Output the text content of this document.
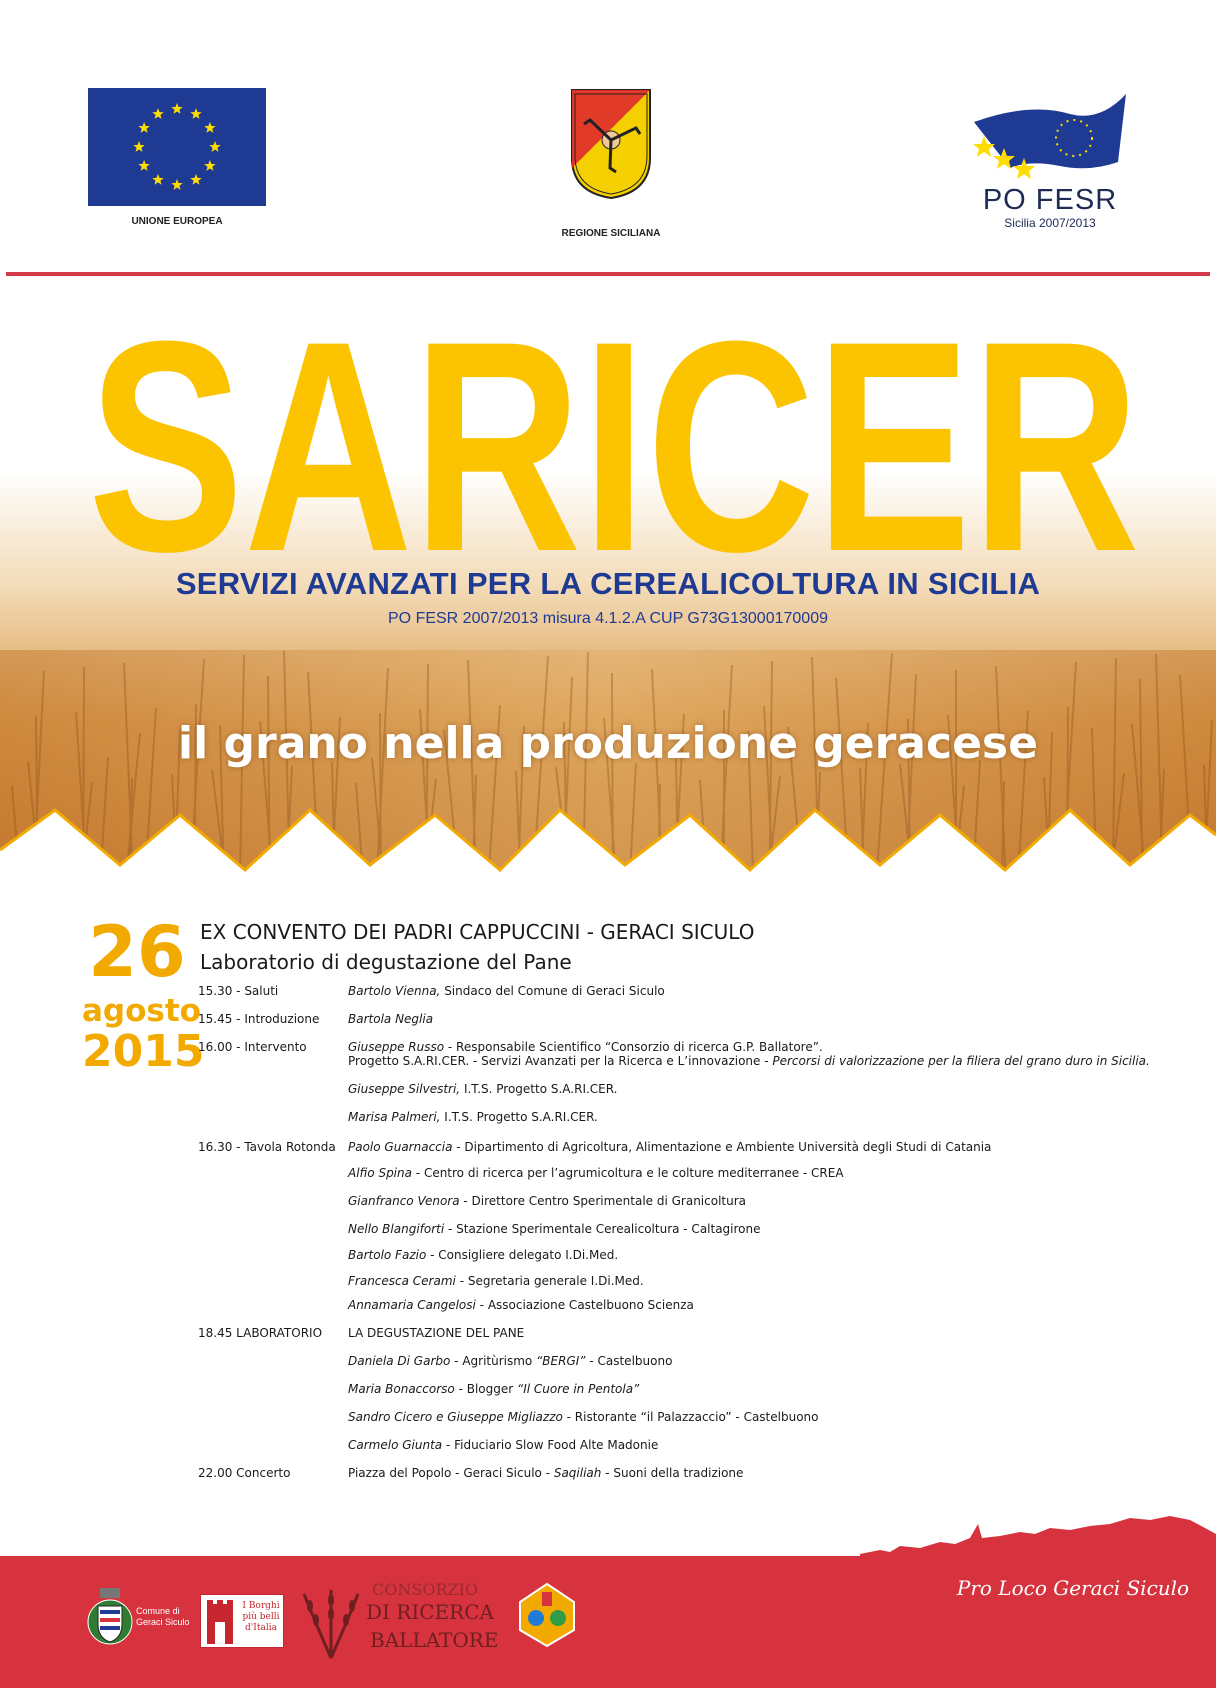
UNIONE EUROPEA
REGIONE SICILIANA
PO FESR
Sicilia 2007/2013
SARICER
SERVIZI AVANZATI PER LA CEREALICOLTURA IN SICILIA
PO FESR 2007/2013 misura 4.1.2.A CUP G73G13000170009
il grano nella produzione geracese
26
agosto
2015
EX CONVENTO DEI PADRI CAPPUCCINI - GERACI SICULO
Laboratorio di degustazione del Pane
15.30 - Saluti	Bartolo Vienna, Sindaco del Comune di Geraci Siculo
15.45 - Introduzione	Bartola Neglia
16.00 - Intervento	Giuseppe Russo - Responsabile Scientifico “Consorzio di ricerca G.P. Ballatore”.
Progetto S.A.RI.CER. - Servizi Avanzati per la Ricerca e L’innovazione - Percorsi di valorizzazione per la filiera del grano duro in Sicilia.
Giuseppe Silvestri, I.T.S. Progetto S.A.RI.CER.
Marisa Palmeri, I.T.S. Progetto S.A.RI.CER.
16.30 - Tavola Rotonda	Paolo Guarnaccia - Dipartimento di Agricoltura, Alimentazione e Ambiente Università degli Studi di Catania
Alfio Spina - Centro di ricerca per l’agrumicoltura e le colture mediterranee - CREA
Gianfranco Venora - Direttore Centro Sperimentale di Granicoltura
Nello Blangiforti - Stazione Sperimentale Cerealicoltura - Caltagirone
Bartolo Fazio - Consigliere delegato I.Di.Med.
Francesca Cerami - Segretaria generale I.Di.Med.
Annamaria Cangelosi - Associazione Castelbuono Scienza
18.45 LABORATORIO	LA DEGUSTAZIONE DEL PANE
Daniela Di Garbo - Agritùrismo “BERGI” - Castelbuono
Maria Bonaccorso - Blogger “Il Cuore in Pentola”
Sandro Cicero e Giuseppe Migliazzo - Ristorante “il Palazzaccio” - Castelbuono
Carmelo Giunta - Fiduciario Slow Food Alte Madonie
22.00 Concerto	Piazza del Popolo - Geraci Siculo - Saqiliah - Suoni della tradizione
Pro Loco Geraci Siculo
Comune di
Geraci Siculo
I Borghi
più belli
d'Italia
CONSORZIO
DI RICERCA
BALLATORE
